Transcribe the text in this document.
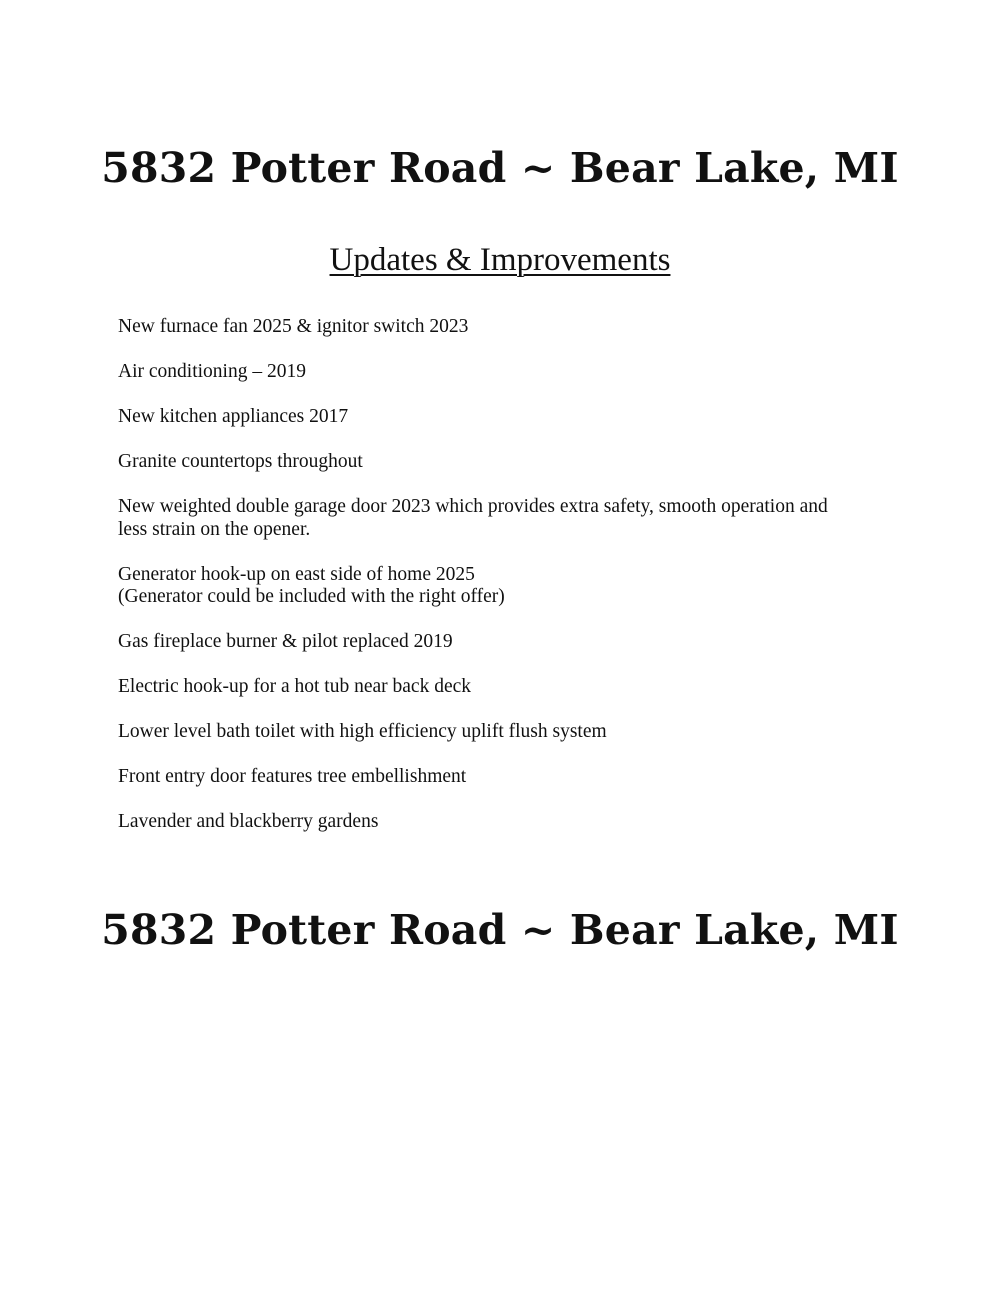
5832 Potter Road ~ Bear Lake, MI
Updates & Improvements
New furnace fan 2025 & ignitor switch 2023
Air conditioning – 2019
New kitchen appliances 2017
Granite countertops throughout
New weighted double garage door 2023 which provides extra safety, smooth operation and
less strain on the opener.
Generator hook-up on east side of home 2025
(Generator could be included with the right offer)
Gas fireplace burner & pilot replaced 2019
Electric hook-up for a hot tub near back deck
Lower level bath toilet with high efficiency uplift flush system
Front entry door features tree embellishment
Lavender and blackberry gardens
5832 Potter Road ~ Bear Lake, MI
